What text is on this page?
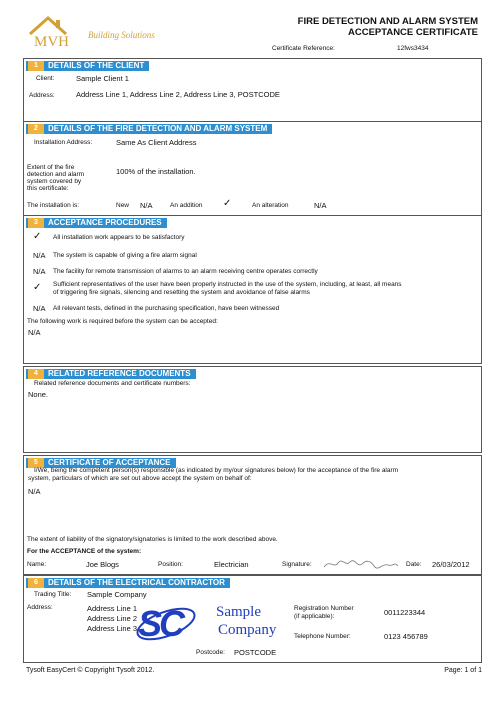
MVH Building Solutions
FIRE DETECTION AND ALARM SYSTEM
ACCEPTANCE CERTIFICATE
Certificate Reference:	12fws3434
1	DETAILS OF THE CLIENT
Client:	Sample Client 1
Address:	Address Line 1, Address Line 2, Address Line 3, POSTCODE
2	DETAILS OF THE FIRE DETECTION AND ALARM SYSTEM
Installation Address:	Same As Client Address
Extent of the fire
detection and alarm
system covered by
this certificate:
100% of the installation.
The installation is:	New N/A	An addition ✓	An alteration	N/A
3	ACCEPTANCE PROCEDURES
✓ All installation work appears to be satisfactory
N/A The system is capable of giving a fire alarm signal
N/A The facility for remote transmission of alarms to an alarm receiving centre operates correctly
✓ Sufficient representatives of the user have been properly instructed in the use of the system, including, at least, all means
of triggering fire signals, silencing and resetting the system and avoidance of false alarms
N/A All relevant tests, defined in the purchasing specification, have been witnessed
The following work is required before the system can be accepted:
N/A
4	RELATED REFERENCE DOCUMENTS
Related reference documents and certificate numbers:
None.
5	CERTIFICATE OF ACCEPTANCE
I/We, being the competent person(s) responsible (as indicated by my/our signatures below) for the acceptance of the fire alarm
system, particulars of which are set out above accept the system on behalf of:
N/A
The extent of liability of the signatory/signatories is limited to the work described above.
For the ACCEPTANCE of the system:
Name:	Joe Blogs	Position:	Electrician	Signature:	Date: 26/03/2012
6	DETAILS OF THE ELECTRICAL CONTRACTOR
Trading Title: Sample Company
Address:	Address Line 1
Address Line 2
Address Line 3 SC Sample
Company
Postcode: POSTCODE
Registration Number
(if applicable):	0011223344
Telephone Number:	0123 456789
Tysoft EasyCert © Copyright Tysoft 2012.	Page: 1 of 1
